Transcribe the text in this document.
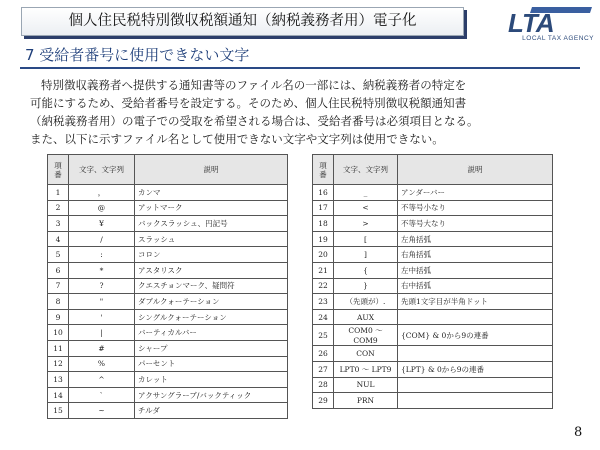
個人住民税特別徴収税額通知（納税義務者用）電子化	LTA
LOCAL TAX AGENCY
7 受給者番号に使用できない文字
特別徴収義務者へ提供する通知書等のファイル名の一部には、納税義務者の特定を
可能にするため、受給者番号を設定する。そのため、個人住民税特別徴収税額通知書
（納税義務者用）の電子での受取を希望される場合は、受給者番号は必須項目となる。
また、以下に示すファイル名として使用できない文字や文字列は使用できない。
項番	文字、文字列	説明
1	，	カンマ
2	@	アットマーク
3	¥	バックスラッシュ、円記号
4	/	スラッシュ
5	:	コロン
6	*	アスタリスク
7	?	クエスチョンマーク、疑問符
8	"	ダブルクォーテーション
9	'	シングルクォーテーション
10	|	バーティカルバー
11	#	シャープ
12	%	パーセント
13	^	カレット
14	`	アクサングラーブ/バックティック
15	~	チルダ
項番	文字、文字列	説明
16	_	アンダーバー
17	<	不等号小なり
18	>	不等号大なり
19	[	左角括弧
20	]	右角括弧
21	{	左中括弧
22	}	右中括弧
23	（先頭が）.	先頭1文字目が半角ドット
24	AUX	
25	COM0 ～ COM9	{COM} & 0から9の連番
26	CON	
27	LPT0 ～ LPT9	{LPT} & 0から9の連番
28	NUL	
29	PRN	
8
